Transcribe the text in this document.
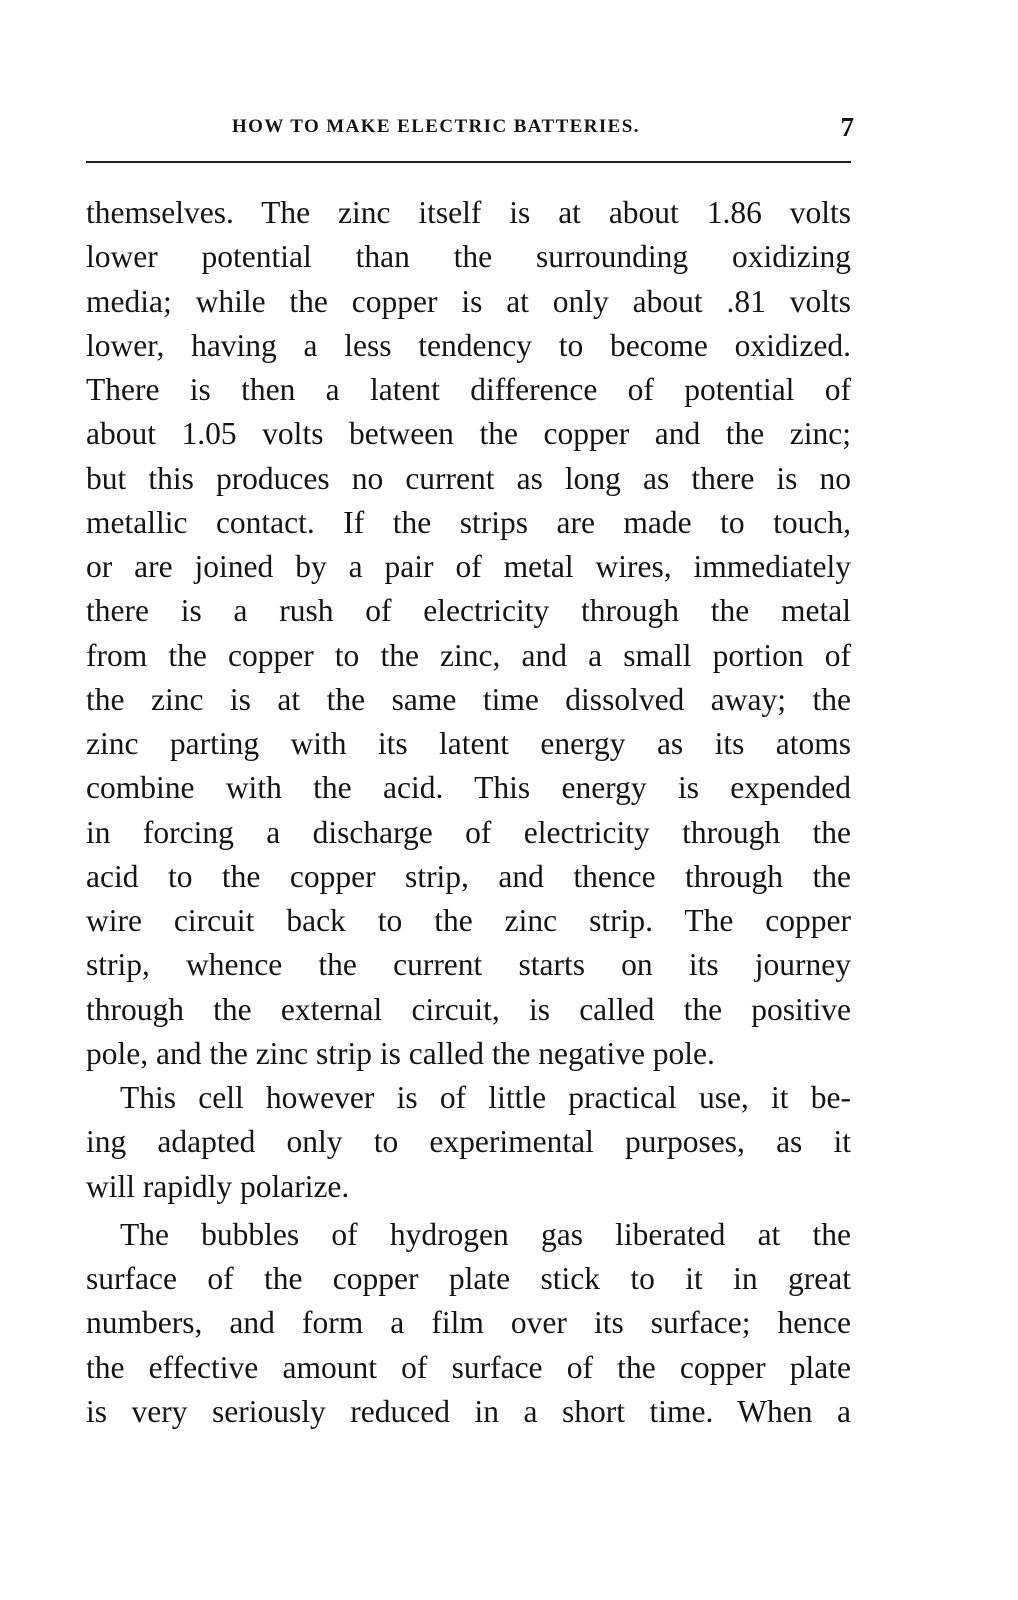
HOW TO MAKE ELECTRIC BATTERIES.	7
themselves. The zinc itself is at about 1.86 volts
lower potential than the surrounding oxidizing
media; while the copper is at only about .81 volts
lower, having a less tendency to become oxidized.
There is then a latent difference of potential of
about 1.05 volts between the copper and the zinc;
but this produces no current as long as there is no
metallic contact. If the strips are made to touch,
or are joined by a pair of metal wires, immediately
there is a rush of electricity through the metal
from the copper to the zinc, and a small portion of
the zinc is at the same time dissolved away; the
zinc parting with its latent energy as its atoms
combine with the acid. This energy is expended
in forcing a discharge of electricity through the
acid to the copper strip, and thence through the
wire circuit back to the zinc strip. The copper
strip, whence the current starts on its journey
through the external circuit, is called the positive
pole, and the zinc strip is called the negative pole.
This cell however is of little practical use, it be-
ing adapted only to experimental purposes, as it
will rapidly polarize.
The bubbles of hydrogen gas liberated at the
surface of the copper plate stick to it in great
numbers, and form a film over its surface; hence
the effective amount of surface of the copper plate
is very seriously reduced in a short time. When a
